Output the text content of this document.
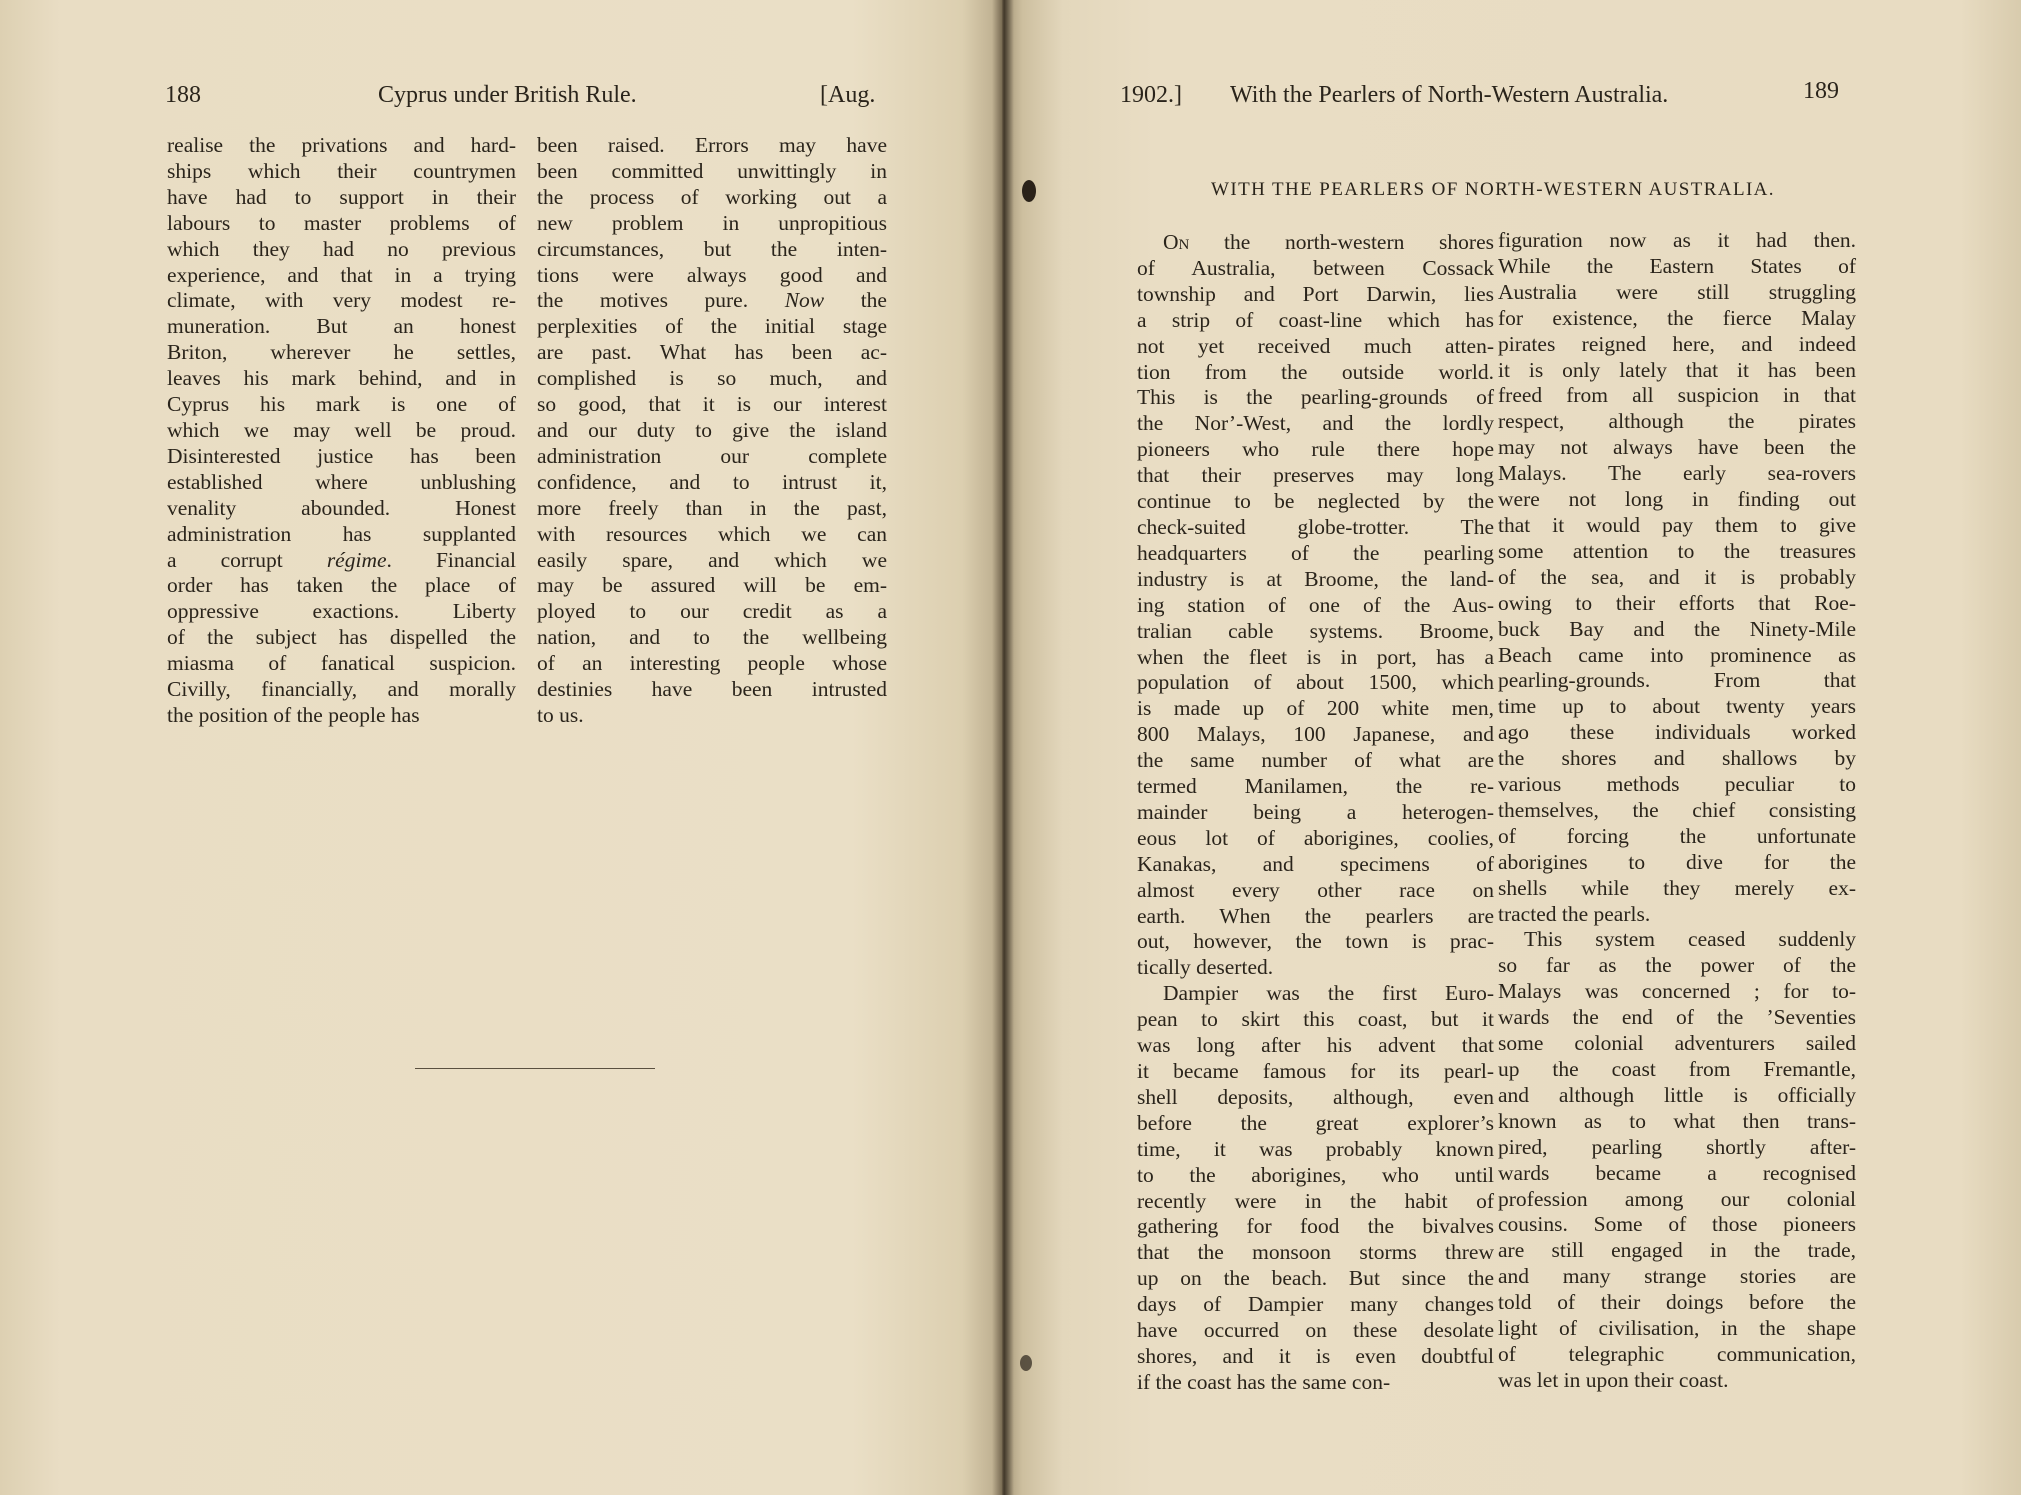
188	Cyprus under British Rule.	[Aug.
realise the privations and hard-
ships which their countrymen
have had to support in their
labours to master problems of
which they had no previous
experience, and that in a trying
climate, with very modest re-
muneration. But an honest
Briton, wherever he settles,
leaves his mark behind, and in
Cyprus his mark is one of
which we may well be proud.
Disinterested justice has been
established where unblushing
venality abounded. Honest
administration has supplanted
a corrupt régime. Financial
order has taken the place of
oppressive exactions. Liberty
of the subject has dispelled the
miasma of fanatical suspicion.
Civilly, financially, and morally
the position of the people has
been raised. Errors may have
been committed unwittingly in
the process of working out a
new problem in unpropitious
circumstances, but the inten-
tions were always good and
the motives pure. Now the
perplexities of the initial stage
are past. What has been ac-
complished is so much, and
so good, that it is our interest
and our duty to give the island
administration our complete
confidence, and to intrust it,
more freely than in the past,
with resources which we can
easily spare, and which we
may be assured will be em-
ployed to our credit as a
nation, and to the wellbeing
of an interesting people whose
destinies have been intrusted
to us.
1902.] With the Pearlers of North-Western Australia.	189
WITH THE PEARLERS OF NORTH-WESTERN AUSTRALIA.
On the north-western shores
of Australia, between Cossack
township and Port Darwin, lies
a strip of coast-line which has
not yet received much atten-
tion from the outside world.
This is the pearling-grounds of
the Nor’-West, and the lordly
pioneers who rule there hope
that their preserves may long
continue to be neglected by the
check-suited globe-trotter. The
headquarters of the pearling
industry is at Broome, the land-
ing station of one of the Aus-
tralian cable systems. Broome,
when the fleet is in port, has a
population of about 1500, which
is made up of 200 white men,
800 Malays, 100 Japanese, and
the same number of what are
termed Manilamen, the re-
mainder being a heterogen-
eous lot of aborigines, coolies,
Kanakas, and specimens of
almost every other race on
earth. When the pearlers are
out, however, the town is prac-
tically deserted.
Dampier was the first Euro-
pean to skirt this coast, but it
was long after his advent that
it became famous for its pearl-
shell deposits, although, even
before the great explorer’s
time, it was probably known
to the aborigines, who until
recently were in the habit of
gathering for food the bivalves
that the monsoon storms threw
up on the beach. But since the
days of Dampier many changes
have occurred on these desolate
shores, and it is even doubtful
if the coast has the same con-
figuration now as it had then.
While the Eastern States of
Australia were still struggling
for existence, the fierce Malay
pirates reigned here, and indeed
it is only lately that it has been
freed from all suspicion in that
respect, although the pirates
may not always have been the
Malays. The early sea-rovers
were not long in finding out
that it would pay them to give
some attention to the treasures
of the sea, and it is probably
owing to their efforts that Roe-
buck Bay and the Ninety-Mile
Beach came into prominence as
pearling-grounds. From that
time up to about twenty years
ago these individuals worked
the shores and shallows by
various methods peculiar to
themselves, the chief consisting
of forcing the unfortunate
aborigines to dive for the
shells while they merely ex-
tracted the pearls.
This system ceased suddenly
so far as the power of the
Malays was concerned ; for to-
wards the end of the ’Seventies
some colonial adventurers sailed
up the coast from Fremantle,
and although little is officially
known as to what then trans-
pired, pearling shortly after-
wards became a recognised
profession among our colonial
cousins. Some of those pioneers
are still engaged in the trade,
and many strange stories are
told of their doings before the
light of civilisation, in the shape
of telegraphic communication,
was let in upon their coast.
